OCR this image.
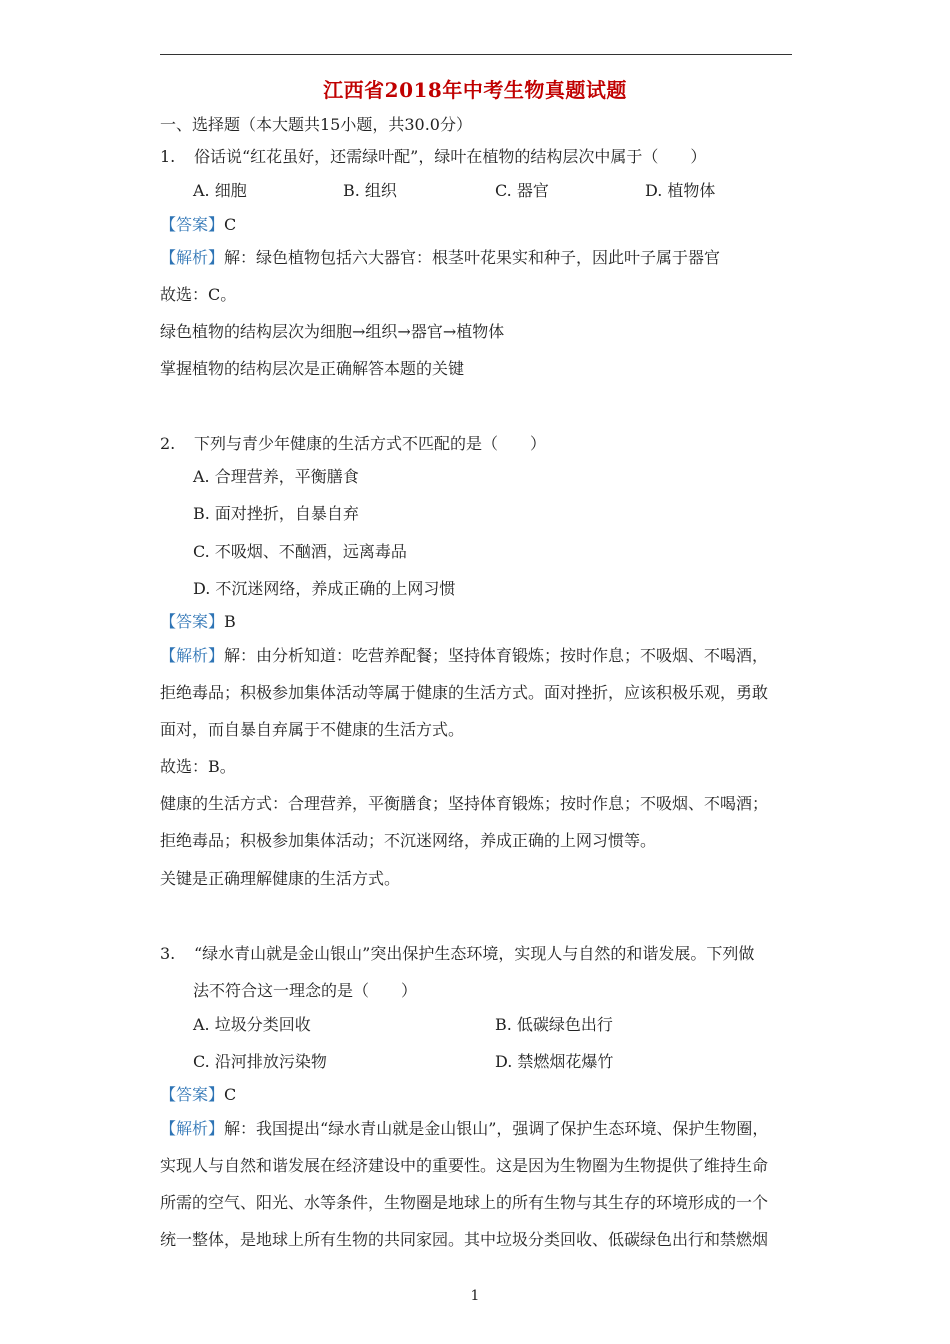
江西省2018年中考生物真题试题
一、选择题（本大题共15小题，共30.0分）
1. 俗话说“红花虽好，还需绿叶配”，绿叶在植物的结构层次中属于（　　）
A. 细胞	B. 组织	C. 器官	D. 植物体
【答案】C
【解析】解：绿色植物包括六大器官：根茎叶花果实和种子，因此叶子属于器官
故选：C。
绿色植物的结构层次为细胞→组织→器官→植物体
掌握植物的结构层次是正确解答本题的关键
2. 下列与青少年健康的生活方式不匹配的是（　　）
A. 合理营养，平衡膳食
B. 面对挫折，自暴自弃
C. 不吸烟、不酗酒，远离毒品
D. 不沉迷网络，养成正确的上网习惯
【答案】B
【解析】解：由分析知道：吃营养配餐；坚持体育锻炼；按时作息；不吸烟、不喝酒，
拒绝毒品；积极参加集体活动等属于健康的生活方式。面对挫折，应该积极乐观，勇敢
面对，而自暴自弃属于不健康的生活方式。
故选：B。
健康的生活方式：合理营养，平衡膳食；坚持体育锻炼；按时作息；不吸烟、不喝酒；
拒绝毒品；积极参加集体活动；不沉迷网络，养成正确的上网习惯等。
关键是正确理解健康的生活方式。
3. “绿水青山就是金山银山”突出保护生态环境，实现人与自然的和谐发展。下列做
法不符合这一理念的是（　　）
A. 垃圾分类回收	B. 低碳绿色出行
C. 沿河排放污染物	D. 禁燃烟花爆竹
【答案】C
【解析】解：我国提出“绿水青山就是金山银山”，强调了保护生态环境、保护生物圈，
实现人与自然和谐发展在经济建设中的重要性。这是因为生物圈为生物提供了维持生命
所需的空气、阳光、水等条件，生物圈是地球上的所有生物与其生存的环境形成的一个
统一整体，是地球上所有生物的共同家园。其中垃圾分类回收、低碳绿色出行和禁燃烟
1
